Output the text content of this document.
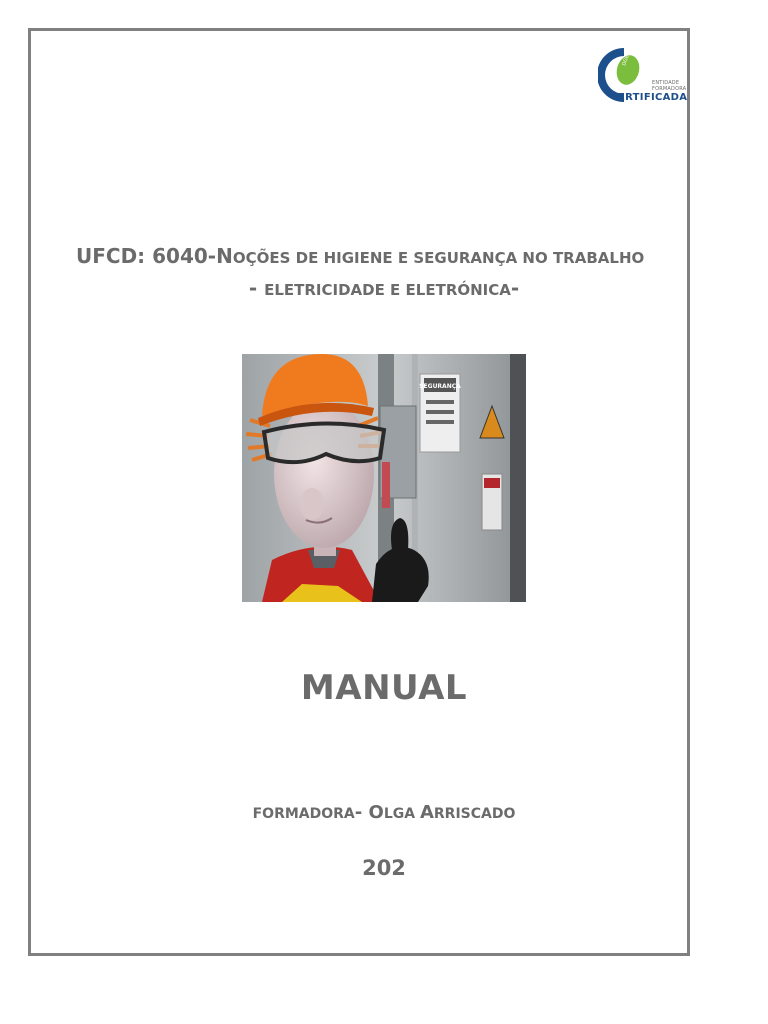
DGERT
ENTIDADE
FORMADORA
ERTIFICADA
UFCD: 6040-NOÇÕES DE HIGIENE E SEGURANÇA NO TRABALHO
- ELETRICIDADE E ELETRÓNICA-
SEGURANÇA
MANUAL
FORMADORA- OLGA ARRISCADO
202
